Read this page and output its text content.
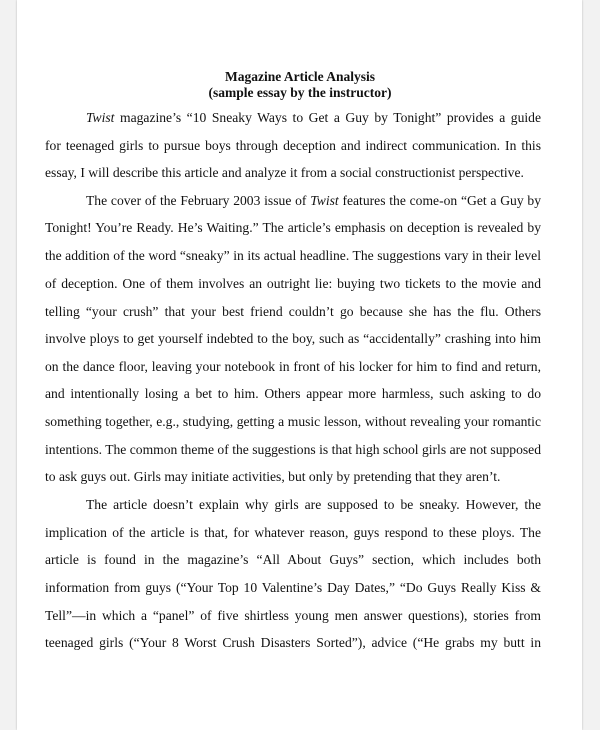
Magazine Article Analysis
(sample essay by the instructor)
Twist magazine’s “10 Sneaky Ways to Get a Guy by Tonight” provides a guide
for teenaged girls to pursue boys through deception and indirect communication. In this
essay, I will describe this article and analyze it from a social constructionist perspective.
The cover of the February 2003 issue of Twist features the come-on “Get a Guy by
Tonight! You’re Ready. He’s Waiting.” The article’s emphasis on deception is revealed by
the addition of the word “sneaky” in its actual headline. The suggestions vary in their level
of deception. One of them involves an outright lie: buying two tickets to the movie and
telling “your crush” that your best friend couldn’t go because she has the flu. Others
involve ploys to get yourself indebted to the boy, such as “accidentally” crashing into him
on the dance floor, leaving your notebook in front of his locker for him to find and return,
and intentionally losing a bet to him. Others appear more harmless, such asking to do
something together, e.g., studying, getting a music lesson, without revealing your romantic
intentions. The common theme of the suggestions is that high school girls are not supposed
to ask guys out. Girls may initiate activities, but only by pretending that they aren’t.
The article doesn’t explain why girls are supposed to be sneaky. However, the
implication of the article is that, for whatever reason, guys respond to these ploys. The
article is found in the magazine’s “All About Guys” section, which includes both
information from guys (“Your Top 10 Valentine’s Day Dates,” “Do Guys Really Kiss &
Tell”—in which a “panel” of five shirtless young men answer questions), stories from
teenaged girls (“Your 8 Worst Crush Disasters Sorted”), advice (“He grabs my butt in
